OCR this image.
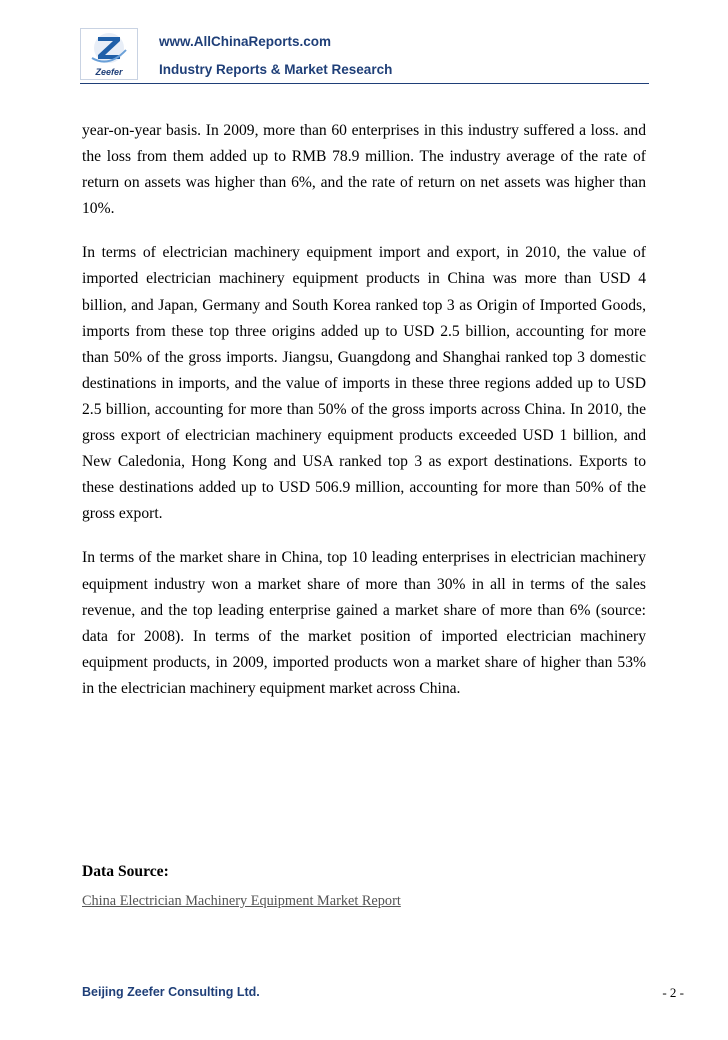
Zeefer
www.AllChinaReports.com
Industry Reports & Market Research

year-on-year basis. In 2009, more than 60 enterprises in this industry suffered a loss. and the loss from them added up to RMB 78.9 million. The industry average of the rate of return on assets was higher than 6%, and the rate of return on net assets was higher than 10%.

In terms of electrician machinery equipment import and export, in 2010, the value of imported electrician machinery equipment products in China was more than USD 4 billion, and Japan, Germany and South Korea ranked top 3 as Origin of Imported Goods, imports from these top three origins added up to USD 2.5 billion, accounting for more than 50% of the gross imports. Jiangsu, Guangdong and Shanghai ranked top 3 domestic destinations in imports, and the value of imports in these three regions added up to USD 2.5 billion, accounting for more than 50% of the gross imports across China. In 2010, the gross export of electrician machinery equipment products exceeded USD 1 billion, and New Caledonia, Hong Kong and USA ranked top 3 as export destinations. Exports to these destinations added up to USD 506.9 million, accounting for more than 50% of the gross export.

In terms of the market share in China, top 10 leading enterprises in electrician machinery equipment industry won a market share of more than 30% in all in terms of the sales revenue, and the top leading enterprise gained a market share of more than 6% (source: data for 2008). In terms of the market position of imported electrician machinery equipment products, in 2009, imported products won a market share of higher than 53% in the electrician machinery equipment market across China.

Data Source:
China Electrician Machinery Equipment Market Report
Beijing Zeefer Consulting Ltd.	- 2 -
